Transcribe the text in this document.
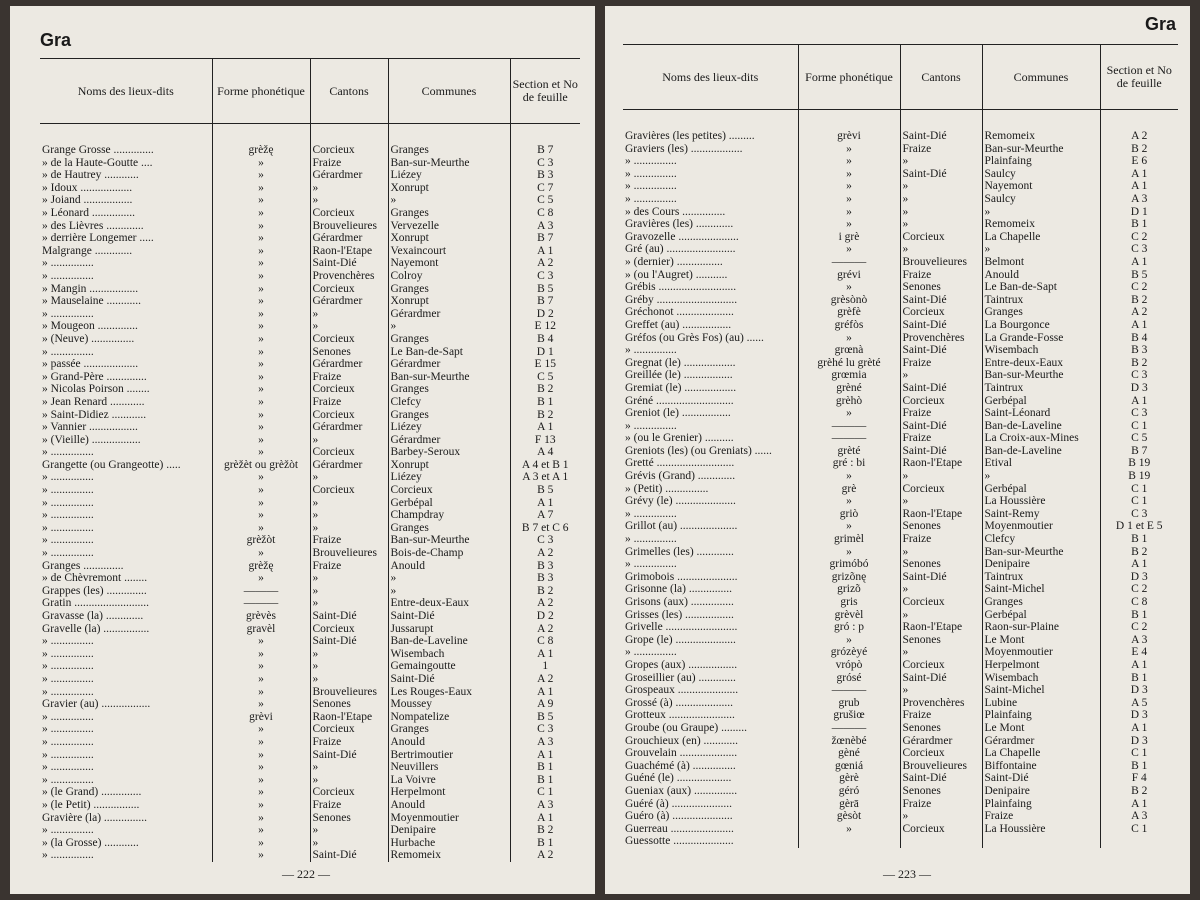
Gra
Noms des lieux-dits	Forme phonétique	Cantons	Communes	Section et No de feuille

Grange Grosse ..............	grèžę	Corcieux	Granges	B 7
» de la Haute-Goutte ....	»	Fraize	Ban-sur-Meurthe	C 3
» de Hautrey ............	»	Gérardmer	Liézey	B 3
» Idoux ..................	»	»	Xonrupt	C 7
» Joiand .................	»	»	»	C 5
» Léonard ...............	»	Corcieux	Granges	C 8
» des Lièvres .............	»	Brouvelieures	Vervezelle	A 3
» derrière Longemer .....	»	Gérardmer	Xonrupt	B 7
Malgrange .............	»	Raon-l'Etape	Vexaincourt	A 1
» ...............	»	Saint-Dié	Nayemont	A 2
» ...............	»	Provenchères	Colroy	C 3
» Mangin .................	»	Corcieux	Granges	B 5
» Mauselaine ............	»	Gérardmer	Xonrupt	B 7
» ...............	»	»	Gérardmer	D 2
» Mougeon ..............	»	»	»	E 12
» (Neuve) ...............	»	Corcieux	Granges	B 4
» ...............	»	Senones	Le Ban-de-Sapt	D 1
» passée ...................	»	Gérardmer	Gérardmer	E 15
» Grand-Père ..............	»	Fraize	Ban-sur-Meurthe	C 5
» Nicolas Poirson ........	»	Corcieux	Granges	B 2
» Jean Renard ............	»	Fraize	Clefcy	B 1
» Saint-Didiez ............	»	Corcieux	Granges	B 2
» Vannier .................	»	Gérardmer	Liézey	A 1
» (Vieille) .................	»	»	Gérardmer	F 13
» ...............	»	Corcieux	Barbey-Seroux	A 4
Grangette (ou Grangeotte) .....	grèžèt ou grèžòt	Gérardmer	Xonrupt	A 4 et B 1
» ...............	»	»	Liézey	A 3 et A 1
» ...............	»	Corcieux	Corcieux	B 5
» ...............	»	»	Gerbépal	A 1
» ...............	»	»	Champdray	A 7
» ...............	»	»	Granges	B 7 et C 6
» ...............	grèžòt	Fraize	Ban-sur-Meurthe	C 3
» ...............	»	Brouvelieures	Bois-de-Champ	A 2
Granges ..............	grèžę	Fraize	Anould	B 3
» de Chèvremont ........	»	»	»	B 3
Grappes (les) ..............	———	»	»	B 2
Gratin ..........................	———	»	Entre-deux-Eaux	A 2
Gravasse (la) .............	grèvès	Saint-Dié	Saint-Dié	D 2
Gravelle (la) ................	gravèl	Corcieux	Jussarupt	A 2
» ...............	»	Saint-Dié	Ban-de-Laveline	C 8
» ...............	»	»	Wisembach	A 1
» ...............	»	»	Gemaingoutte	1
» ...............	»	»	Saint-Dié	A 2
» ...............	»	Brouvelieures	Les Rouges-Eaux	A 1
Gravier (au) .................	»	Senones	Moussey	A 9
» ...............	grèvi	Raon-l'Etape	Nompatelize	B 5
» ...............	»	Corcieux	Granges	C 3
» ...............	»	Fraize	Anould	A 3
» ...............	»	Saint-Dié	Bertrimoutier	A 1
» ...............	»	»	Neuvillers	B 1
» ...............	»	»	La Voivre	B 1
» (le Grand) ..............	»	Corcieux	Herpelmont	C 1
» (le Petit) ................	»	Fraize	Anould	A 3
Gravière (la) ...............	»	Senones	Moyenmoutier	A 1
» ...............	»	»	Denipaire	B 2
» (la Grosse) ............	»	»	Hurbache	B 1
» ...............	»	Saint-Dié	Remomeix	A 2
— 222 —
Gra
Noms des lieux-dits	Forme phonétique	Cantons	Communes	Section et No de feuille

Gravières (les petites) .........	grèvi	Saint-Dié	Remomeix	A 2
Graviers (les) ..................	»	Fraize	Ban-sur-Meurthe	B 2
» ...............	»	»	Plainfaing	E 6
» ...............	»	Saint-Dié	Saulcy	A 1
» ...............	»	»	Nayemont	A 1
» ...............	»	»	Saulcy	A 3
» des Cours ...............	»	»	»	D 1
Gravières (les) .............	»	»	Remomeix	B 1
Gravozelle .....................	i grè	Corcieux	La Chapelle	C 2
Gré (au) ........................	»	»	»	C 3
» (dernier) ................	———	Brouvelieures	Belmont	A 1
» (ou l'Augret) ...........	grévi	Fraize	Anould	B 5
Grébis ...........................	»	Senones	Le Ban-de-Sapt	C 2
Gréby ............................	grèsònò	Saint-Dié	Taintrux	B 2
Gréchonot ....................	grèfè	Corcieux	Granges	A 2
Greffet (au) .................	gréfòs	Saint-Dié	La Bourgonce	A 1
Gréfos (ou Grès Fos) (au) ......	»	Provenchères	La Grande-Fosse	B 4
» ...............	grœnà	Saint-Dié	Wisembach	B 3
Gregnat (le) ..................	grèhé lu grèté	Fraize	Entre-deux-Eaux	B 2
Greillée (le) .................	grœmia	»	Ban-sur-Meurthe	C 3
Gremiat (le) ..................	grèné	Saint-Dié	Taintrux	D 3
Gréné ...........................	grèhò	Corcieux	Gerbépal	A 1
Greniot (le) .................	»	Fraize	Saint-Léonard	C 3
» ...............	———	Saint-Dié	Ban-de-Laveline	C 1
» (ou le Grenier) ..........	———	Fraize	La Croix-aux-Mines	C 5
Greniots (les) (ou Greniats) ......	grèté	Saint-Dié	Ban-de-Laveline	B 7
Gretté ...........................	gré : bi	Raon-l'Etape	Etival	B 19
Grévis (Grand) .............	»	»	»	B 19
» (Petit) ...............	grè	Corcieux	Gerbépal	C 1
Grévy (le) .....................	»	»	La Houssière	C 1
» ...............	griò	Raon-l'Etape	Saint-Remy	C 3
Grillot (au) ....................	»	Senones	Moyenmoutier	D 1 et E 5
» ...............	grimèl	Fraize	Clefcy	B 1
Grimelles (les) .............	»	»	Ban-sur-Meurthe	B 2
» ...............	grimóbó	Senones	Denipaire	A 1
Grimobois .....................	grizõnę	Saint-Dié	Taintrux	D 3
Grisonne (la) ...............	grizõ	»	Saint-Michel	C 2
Grisons (aux) ...............	gris	Corcieux	Granges	C 8
Grisses (les) .................	grèvèl	»	Gerbépal	B 1
Grivelle .........................	gró : p	Raon-l'Etape	Raon-sur-Plaine	C 2
Grope (le) .....................	»	Senones	Le Mont	A 3
» ...............	grózèyé	»	Moyenmoutier	E 4
Gropes (aux) .................	vrópò	Corcieux	Herpelmont	A 1
Groseillier (au) .............	grósé	Saint-Dié	Wisembach	B 1
Grospeaux .....................	———	»	Saint-Michel	D 3
Grossé (à) ....................	grub	Provenchères	Lubine	A 5
Grotteux .......................	grušiœ	Fraize	Plainfaing	D 3
Groube (ou Graupe) .........	———	Senones	Le Mont	A 1
Grouchieux (en) ............	žœnèbé	Gérardmer	Gérardmer	D 3
Grouvelain ....................	gèné	Corcieux	La Chapelle	C 1
Guachémé (à) ...............	gœniá	Brouvelieures	Biffontaine	B 1
Guéné (le) ...................	gèrè	Saint-Dié	Saint-Dié	F 4
Gueniax (aux) ...............	géró	Senones	Denipaire	B 2
Guéré (à) .....................	gèrā	Fraize	Plainfaing	A 1
Guéro (à) .....................	gèsòt	»	Fraize	A 3
Guerreau ......................	»	Corcieux	La Houssière	C 1
Guessotte .....................				
— 223 —
